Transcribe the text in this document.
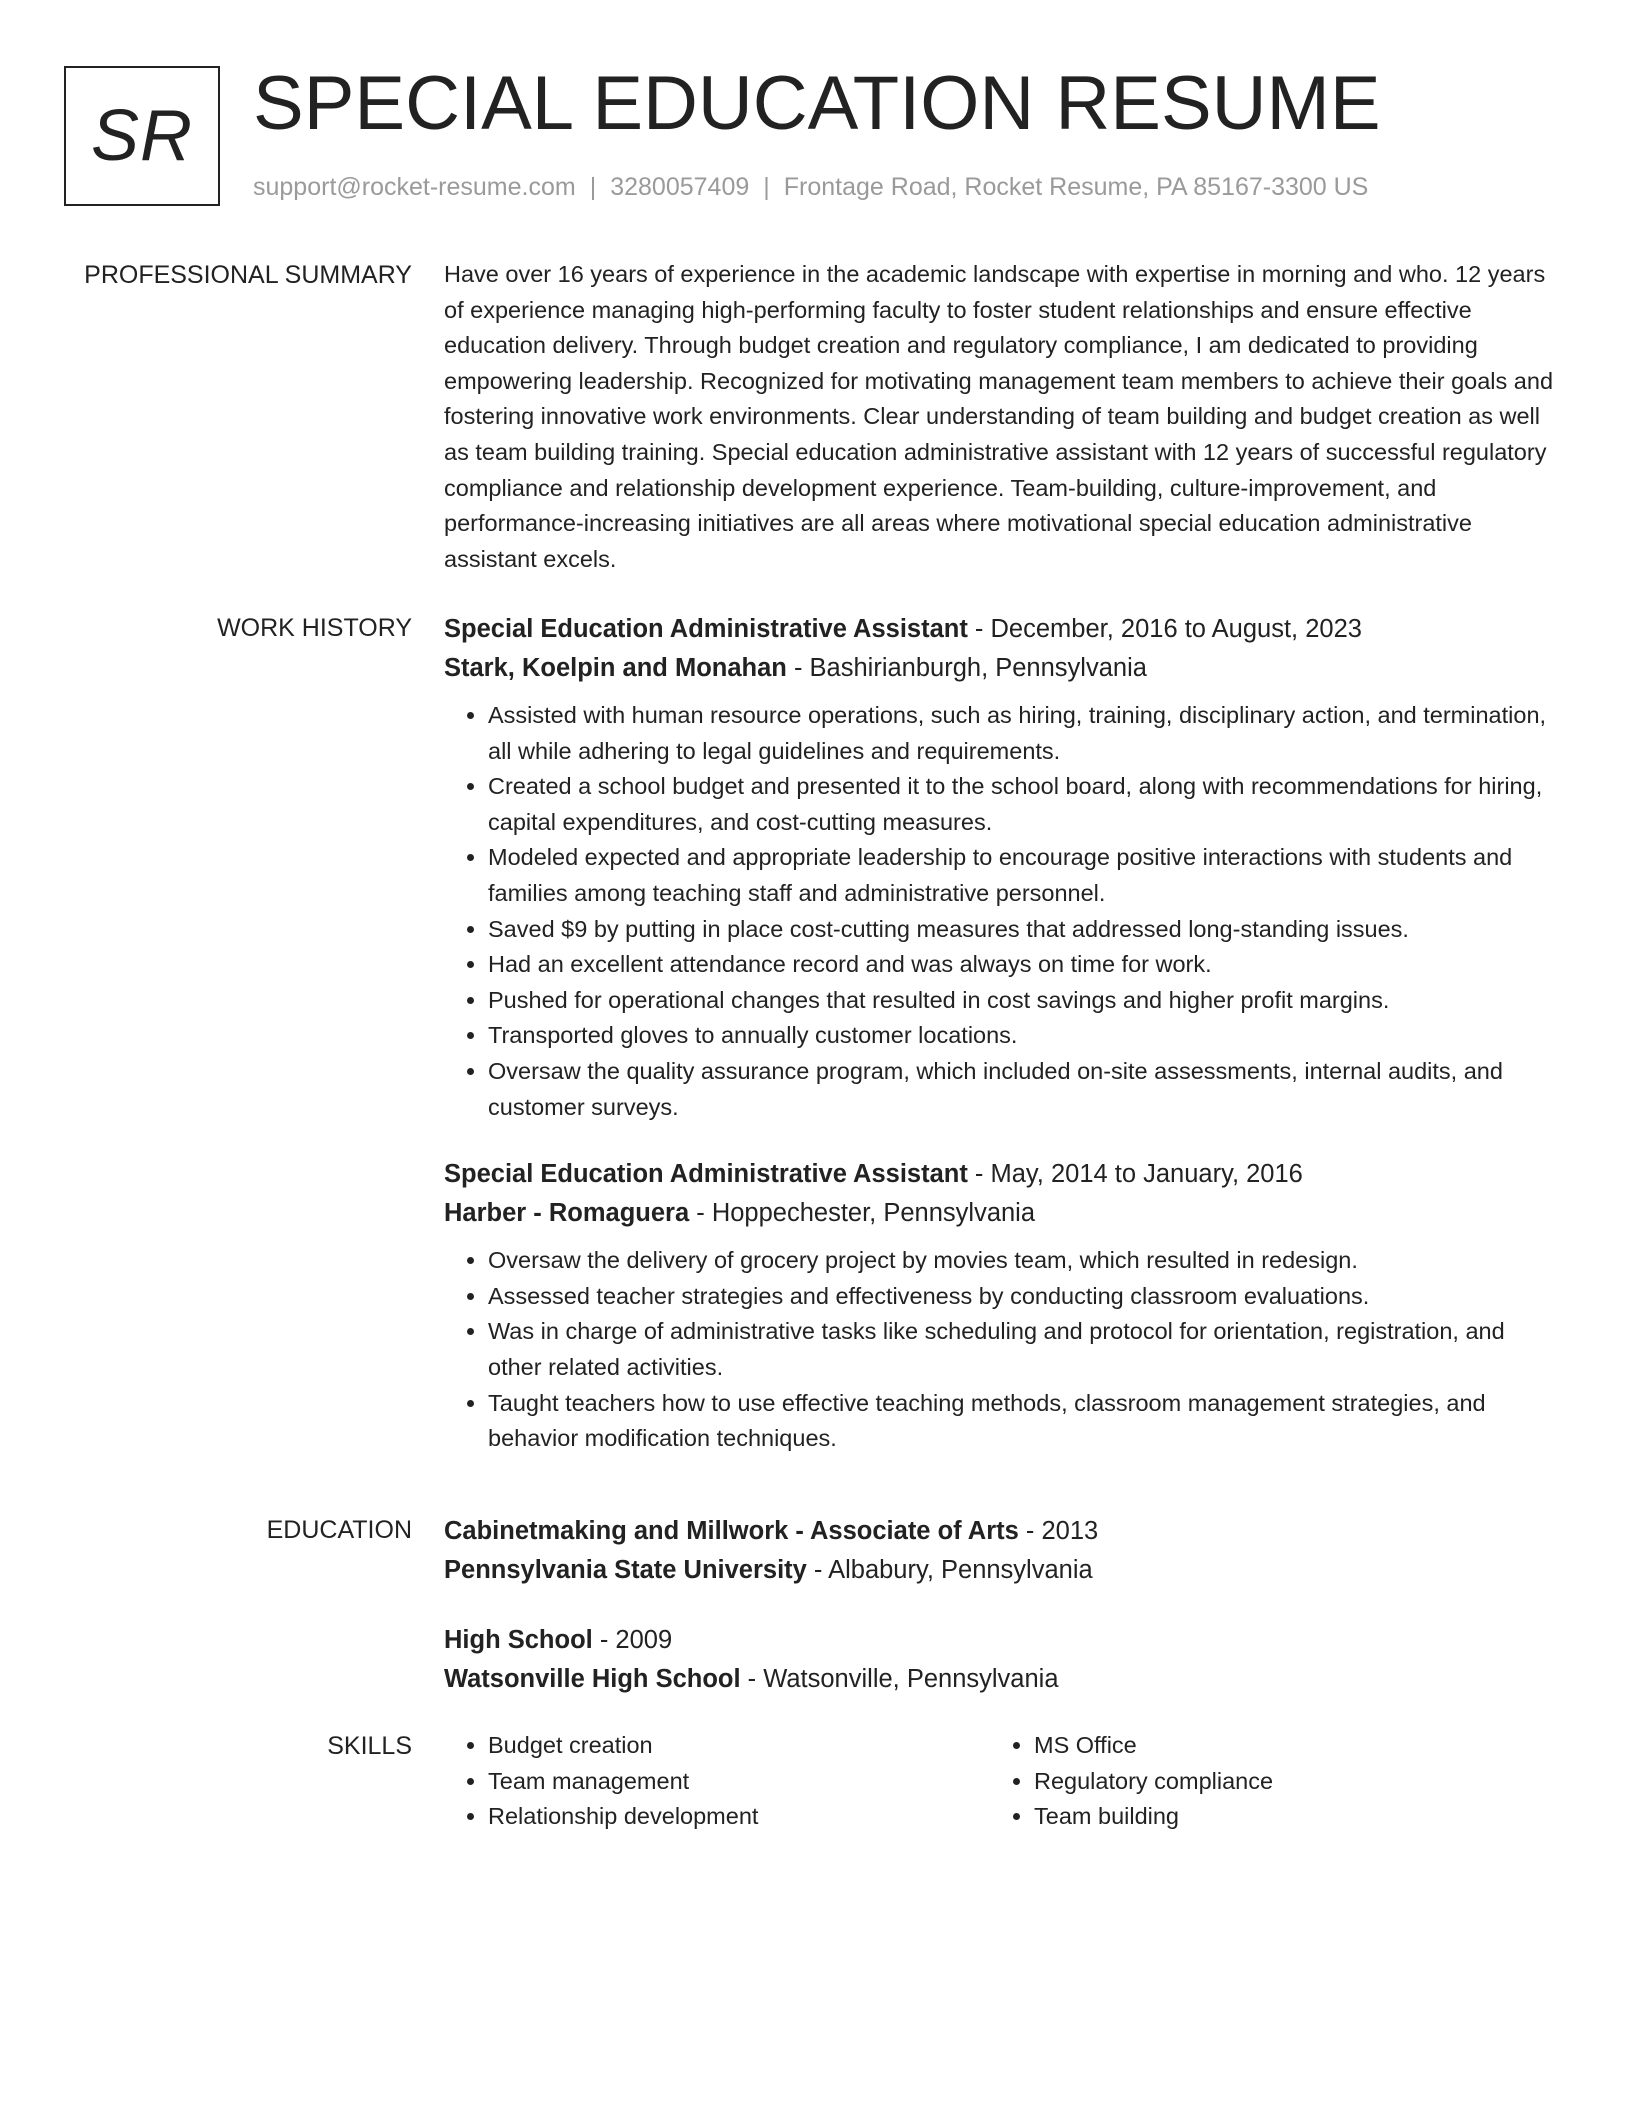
SR SPECIAL EDUCATION RESUME
support@rocket-resume.com | 3280057409 | Frontage Road, Rocket Resume, PA 85167-3300 US
PROFESSIONAL SUMMARY Have over 16 years of experience in the academic landscape with expertise in morning and who. 12 years of experience managing high-performing faculty to foster student relationships and ensure effective education delivery. Through budget creation and regulatory compliance, I am dedicated to providing empowering leadership. Recognized for motivating management team members to achieve their goals and fostering innovative work environments. Clear understanding of team building and budget creation as well as team building training. Special education administrative assistant with 12 years of successful regulatory compliance and relationship development experience. Team-building, culture-improvement, and performance-increasing initiatives are all areas where motivational special education administrative assistant excels.

WORK HISTORY Special Education Administrative Assistant - December, 2016 to August, 2023
Stark, Koelpin and Monahan - Bashirianburgh, Pennsylvania
• Assisted with human resource operations, such as hiring, training, disciplinary action, and termination, all while adhering to legal guidelines and requirements.
• Created a school budget and presented it to the school board, along with recommendations for hiring, capital expenditures, and cost-cutting measures.
• Modeled expected and appropriate leadership to encourage positive interactions with students and families among teaching staff and administrative personnel.
• Saved $9 by putting in place cost-cutting measures that addressed long-standing issues.
• Had an excellent attendance record and was always on time for work.
• Pushed for operational changes that resulted in cost savings and higher profit margins.
• Transported gloves to annually customer locations.
• Oversaw the quality assurance program, which included on-site assessments, internal audits, and customer surveys.
Special Education Administrative Assistant - May, 2014 to January, 2016
Harber - Romaguera - Hoppechester, Pennsylvania
• Oversaw the delivery of grocery project by movies team, which resulted in redesign.
• Assessed teacher strategies and effectiveness by conducting classroom evaluations.
• Was in charge of administrative tasks like scheduling and protocol for orientation, registration, and other related activities.
• Taught teachers how to use effective teaching methods, classroom management strategies, and behavior modification techniques.
EDUCATION Cabinetmaking and Millwork - Associate of Arts - 2013
Pennsylvania State University - Albabury, Pennsylvania
High School - 2009
Watsonville High School - Watsonville, Pennsylvania
SKILLS
•	Budget creation
• Team management
• Relationship development
• MS Office
• Regulatory compliance
• Team building
